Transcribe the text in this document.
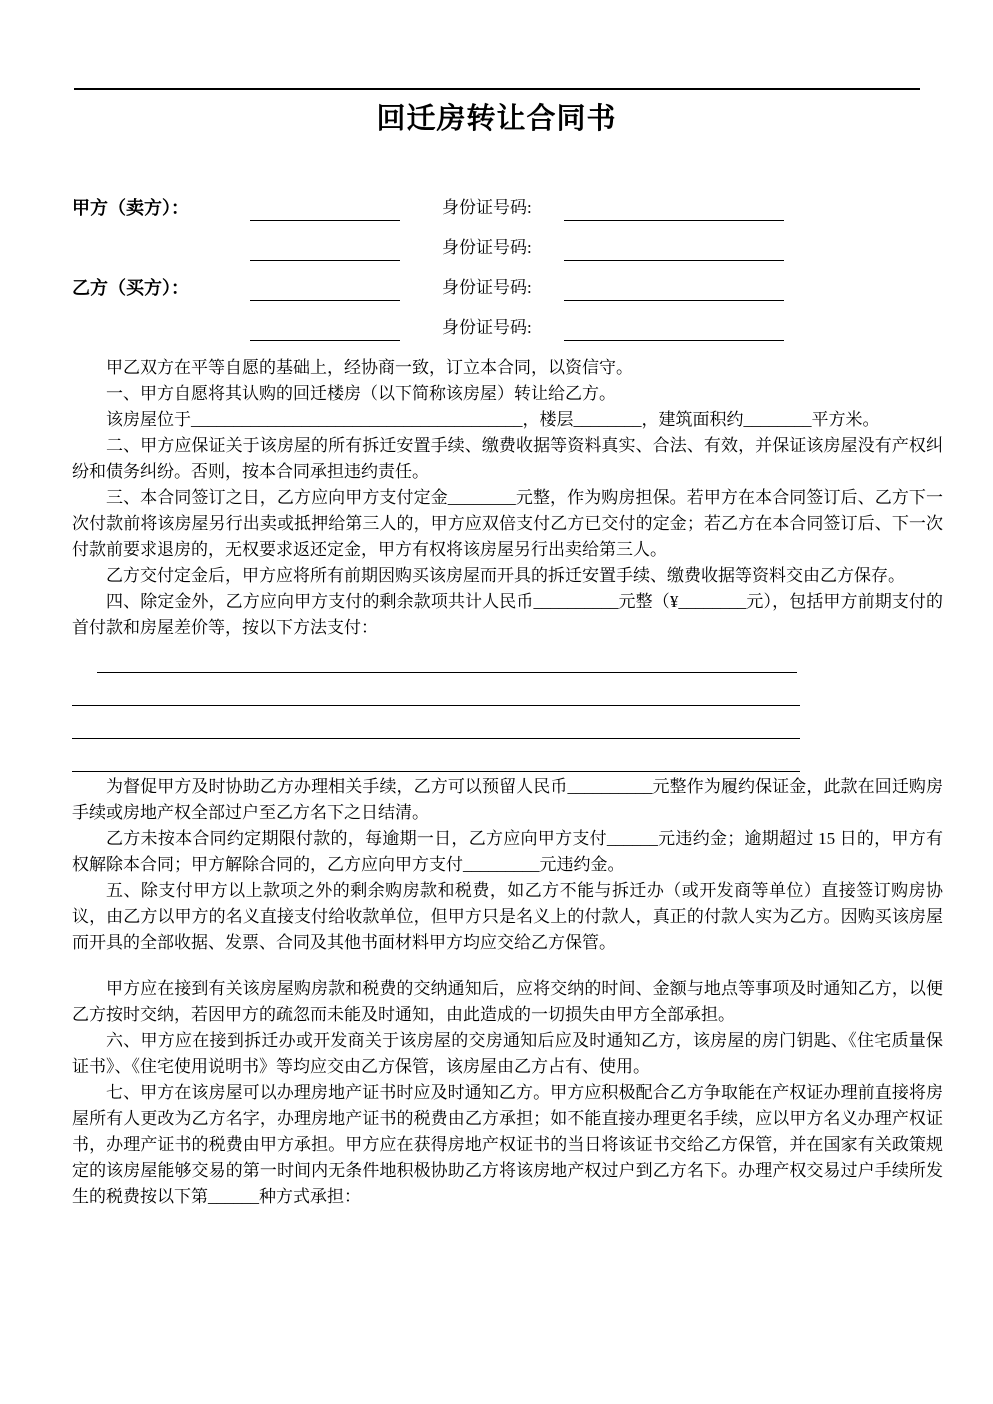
回迁房转让合同书
甲方（卖方）：	身份证号码:
身份证号码:
乙方（买方）：	身份证号码:
身份证号码:

甲乙双方在平等自愿的基础上，经协商一致，订立本合同，以资信守。

一、甲方自愿将其认购的回迁楼房（以下简称该房屋）转让给乙方。

该房屋位于_______________________________________，楼层________，建筑面积约________平方米。

二、甲方应保证关于该房屋的所有拆迁安置手续、缴费收据等资料真实、合法、有效，并保证该房屋没有产权纠纷和债务纠纷。否则，按本合同承担违约责任。

三、本合同签订之日，乙方应向甲方支付定金________元整，作为购房担保。若甲方在本合同签订后、乙方下一次付款前将该房屋另行出卖或抵押给第三人的，甲方应双倍支付乙方已交付的定金；若乙方在本合同签订后、下一次付款前要求退房的，无权要求返还定金，甲方有权将该房屋另行出卖给第三人。

乙方交付定金后，甲方应将所有前期因购买该房屋而开具的拆迁安置手续、缴费收据等资料交由乙方保存。

四、除定金外，乙方应向甲方支付的剩余款项共计人民币__________元整（¥________元），包括甲方前期支付的首付款和房屋差价等，按以下方法支付：

为督促甲方及时协助乙方办理相关手续，乙方可以预留人民币__________元整作为履约保证金，此款在回迁购房手续或房地产权全部过户至乙方名下之日结清。

乙方未按本合同约定期限付款的，每逾期一日，乙方应向甲方支付______元违约金；逾期超过 15 日的，甲方有权解除本合同；甲方解除合同的，乙方应向甲方支付_________元违约金。

五、除支付甲方以上款项之外的剩余购房款和税费，如乙方不能与拆迁办（或开发商等单位）直接签订购房协议，由乙方以甲方的名义直接支付给收款单位，但甲方只是名义上的付款人，真正的付款人实为乙方。因购买该房屋而开具的全部收据、发票、合同及其他书面材料甲方均应交给乙方保管。

甲方应在接到有关该房屋购房款和税费的交纳通知后，应将交纳的时间、金额与地点等事项及时通知乙方，以便乙方按时交纳，若因甲方的疏忽而未能及时通知，由此造成的一切损失由甲方全部承担。

六、甲方应在接到拆迁办或开发商关于该房屋的交房通知后应及时通知乙方，该房屋的房门钥匙、《住宅质量保证书》、《住宅使用说明书》等均应交由乙方保管，该房屋由乙方占有、使用。

七、甲方在该房屋可以办理房地产证书时应及时通知乙方。甲方应积极配合乙方争取能在产权证办理前直接将房屋所有人更改为乙方名字，办理房地产证书的税费由乙方承担；如不能直接办理更名手续，应以甲方名义办理产权证书，办理产证书的税费由甲方承担。甲方应在获得房地产权证书的当日将该证书交给乙方保管，并在国家有关政策规定的该房屋能够交易的第一时间内无条件地积极协助乙方将该房地产权过户到乙方名下。办理产权交易过户手续所发生的税费按以下第______种方式承担：
